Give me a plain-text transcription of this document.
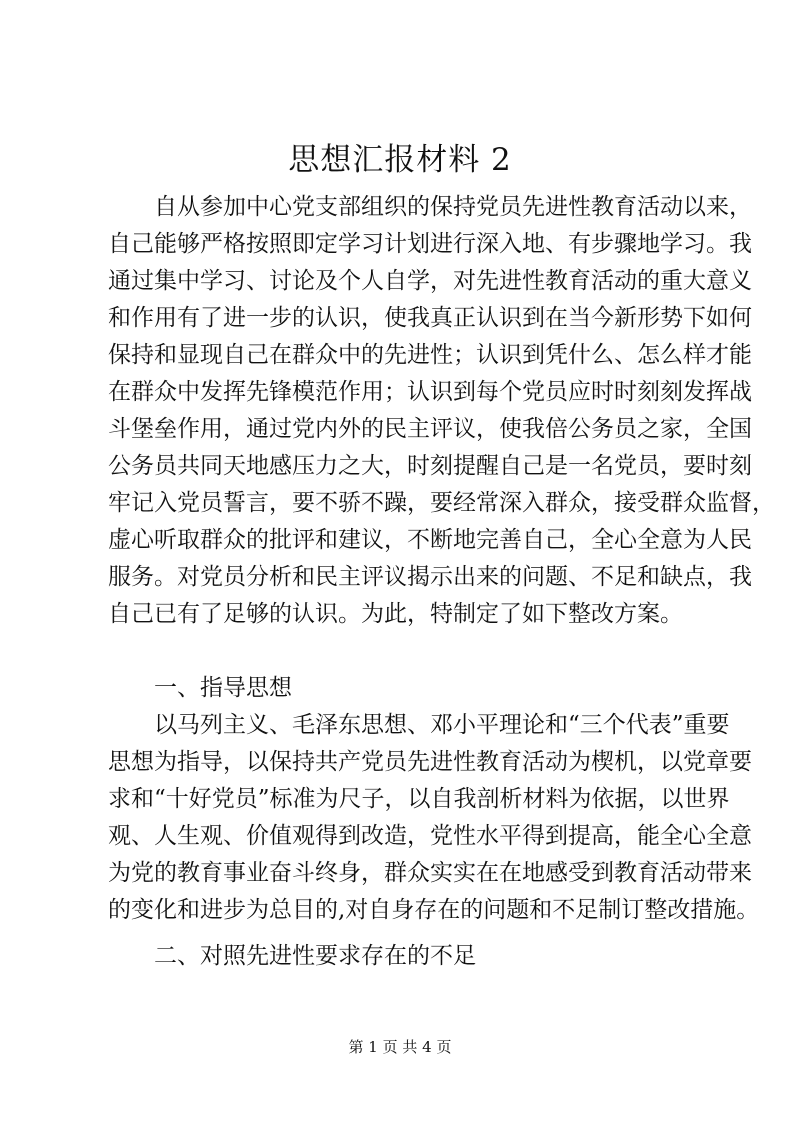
思想汇报材料 2

自从参加中心党支部组织的保持党员先进性教育活动以来，

自己能够严格按照即定学习计划进行深入地、有步骤地学习。我

通过集中学习、讨论及个人自学，对先进性教育活动的重大意义

和作用有了进一步的认识，使我真正认识到在当今新形势下如何

保持和显现自己在群众中的先进性；认识到凭什么、怎么样才能

在群众中发挥先锋模范作用；认识到每个党员应时时刻刻发挥战

斗堡垒作用，通过党内外的民主评议，使我倍公务员之家，全国

公务员共同天地感压力之大，时刻提醒自己是一名党员，要时刻

牢记入党员誓言，要不骄不躁，要经常深入群众，接受群众监督，

虚心听取群众的批评和建议，不断地完善自己，全心全意为人民

服务。对党员分析和民主评议揭示出来的问题、不足和缺点，我

自己已有了足够的认识。为此，特制定了如下整改方案。

一、指导思想

以马列主义、毛泽东思想、邓小平理论和“三个代表”重要

思想为指导，以保持共产党员先进性教育活动为楔机，以党章要

求和“十好党员”标准为尺子，以自我剖析材料为依据，以世界

观、人生观、价值观得到改造，党性水平得到提高，能全心全意

为党的教育事业奋斗终身，群众实实在在地感受到教育活动带来

的变化和进步为总目的,对自身存在的问题和不足制订整改措施。

二、对照先进性要求存在的不足

第 1 页 共 4 页
